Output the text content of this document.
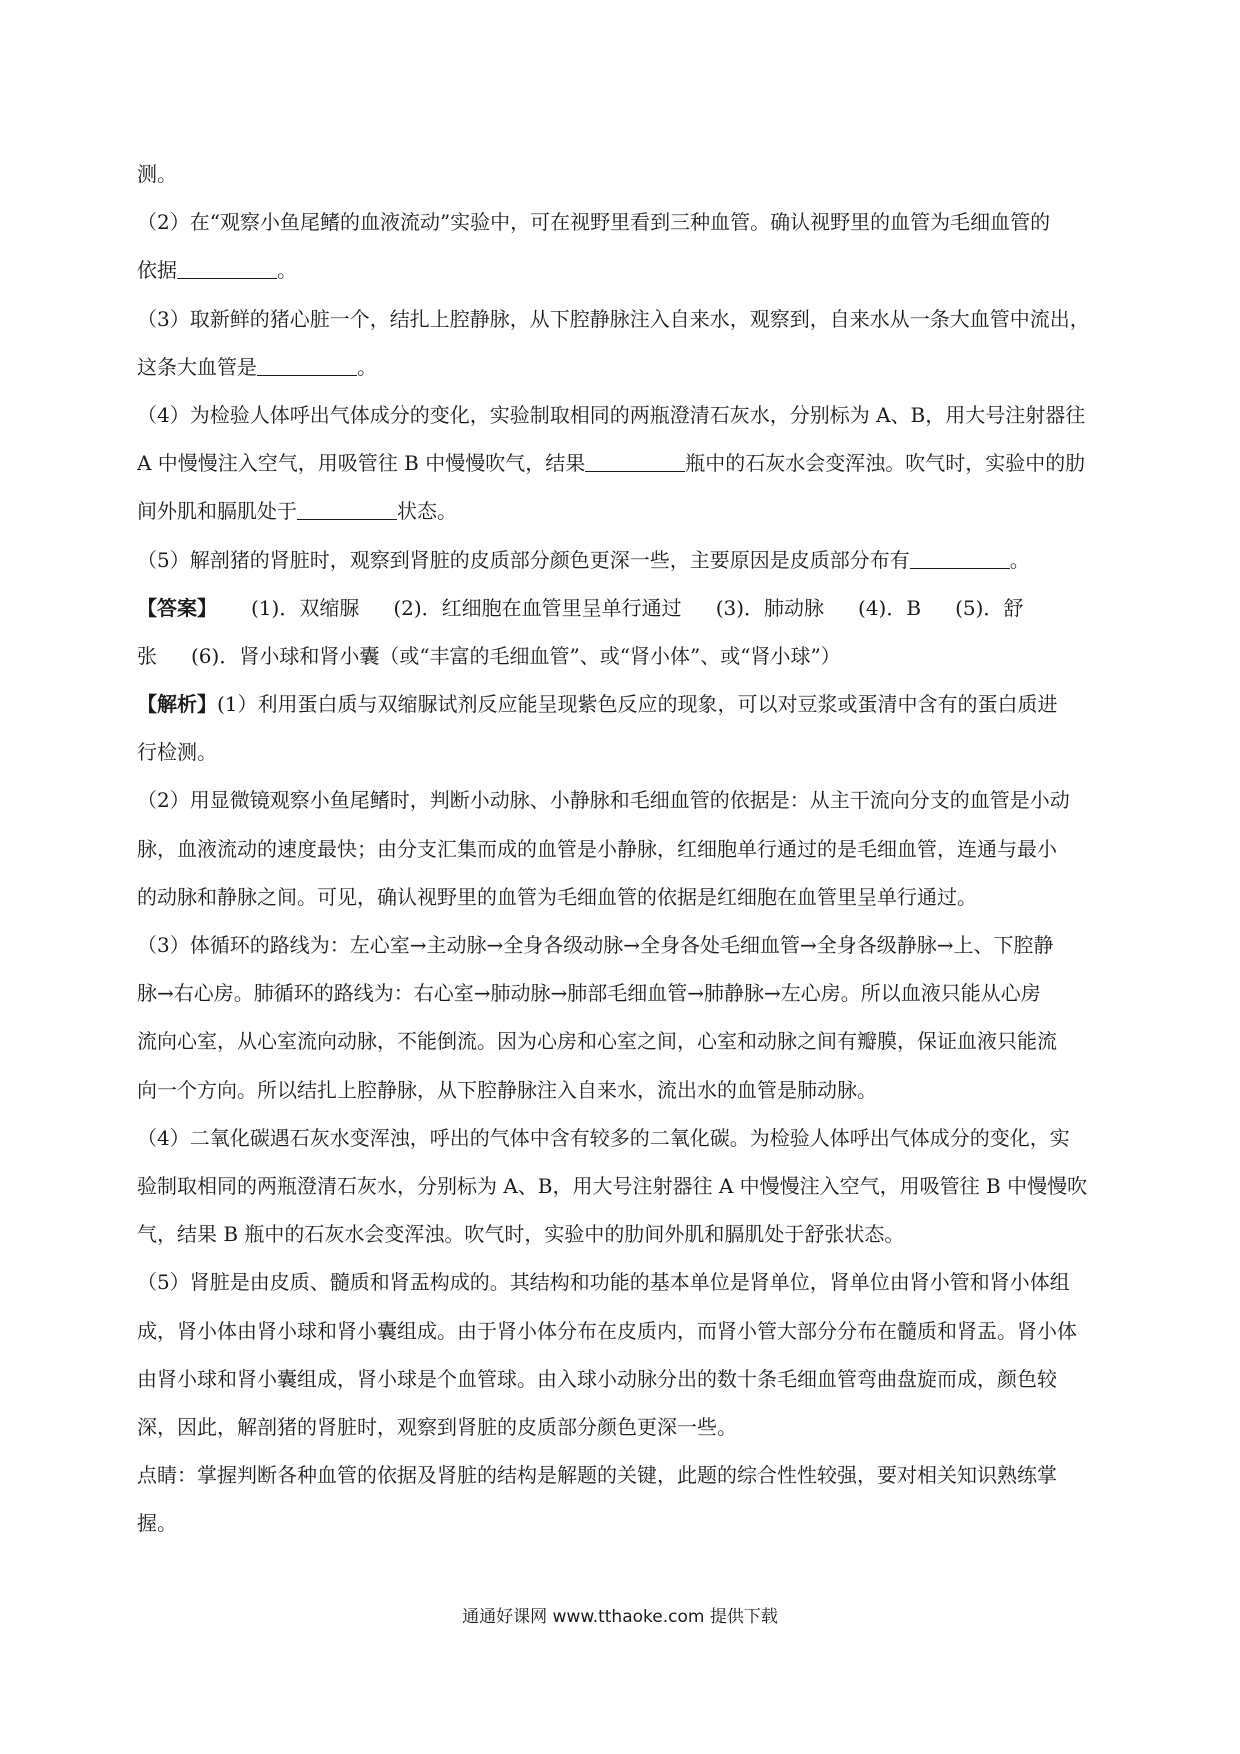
测。
（2）在“观察小鱼尾鳍的血液流动”实验中，可在视野里看到三种血管。确认视野里的血管为毛细血管的
依据	。
（3）取新鲜的猪心脏一个，结扎上腔静脉，从下腔静脉注入自来水，观察到，自来水从一条大血管中流出，
这条大血管是	。
（4）为检验人体呼出气体成分的变化，实验制取相同的两瓶澄清石灰水，分别标为 A、B，用大号注射器往
A 中慢慢注入空气，用吸管往 B 中慢慢吹气，结果	瓶中的石灰水会变浑浊。吹气时，实验中的肋
间外肌和膈肌处于	状态。
（5）解剖猪的肾脏时，观察到肾脏的皮质部分颜色更深一些，主要原因是皮质部分布有	。
【答案】 (1)．双缩脲 (2)．红细胞在血管里呈单行通过 (3)．肺动脉 (4)．B (5)．舒
张 (6)．肾小球和肾小囊（或“丰富的毛细血管”、或“肾小体”、或“肾小球”）
【解析】(1）利用蛋白质与双缩脲试剂反应能呈现紫色反应的现象，可以对豆浆或蛋清中含有的蛋白质进
行检测。
（2）用显微镜观察小鱼尾鳍时，判断小动脉、小静脉和毛细血管的依据是：从主干流向分支的血管是小动
脉，血液流动的速度最快；由分支汇集而成的血管是小静脉，红细胞单行通过的是毛细血管，连通与最小
的动脉和静脉之间。可见，确认视野里的血管为毛细血管的依据是红细胞在血管里呈单行通过。
（3）体循环的路线为：左心室→主动脉→全身各级动脉→全身各处毛细血管→全身各级静脉→上、下腔静
脉→右心房。肺循环的路线为：右心室→肺动脉→肺部毛细血管→肺静脉→左心房。所以血液只能从心房
流向心室，从心室流向动脉，不能倒流。因为心房和心室之间，心室和动脉之间有瓣膜，保证血液只能流
向一个方向。所以结扎上腔静脉，从下腔静脉注入自来水，流出水的血管是肺动脉。
（4）二氧化碳遇石灰水变浑浊，呼出的气体中含有较多的二氧化碳。为检验人体呼出气体成分的变化，实
验制取相同的两瓶澄清石灰水，分别标为 A、B，用大号注射器往 A 中慢慢注入空气，用吸管往 B 中慢慢吹
气，结果 B 瓶中的石灰水会变浑浊。吹气时，实验中的肋间外肌和膈肌处于舒张状态。
（5）肾脏是由皮质、髓质和肾盂构成的。其结构和功能的基本单位是肾单位，肾单位由肾小管和肾小体组
成，肾小体由肾小球和肾小囊组成。由于肾小体分布在皮质内，而肾小管大部分分布在髓质和肾盂。肾小体
由肾小球和肾小囊组成，肾小球是个血管球。由入球小动脉分出的数十条毛细血管弯曲盘旋而成，颜色较
深，因此，解剖猪的肾脏时，观察到肾脏的皮质部分颜色更深一些。
点睛：掌握判断各种血管的依据及肾脏的结构是解题的关键，此题的综合性性较强，要对相关知识熟练掌
握。
通通好课网 www.tthaoke.com 提供下载
